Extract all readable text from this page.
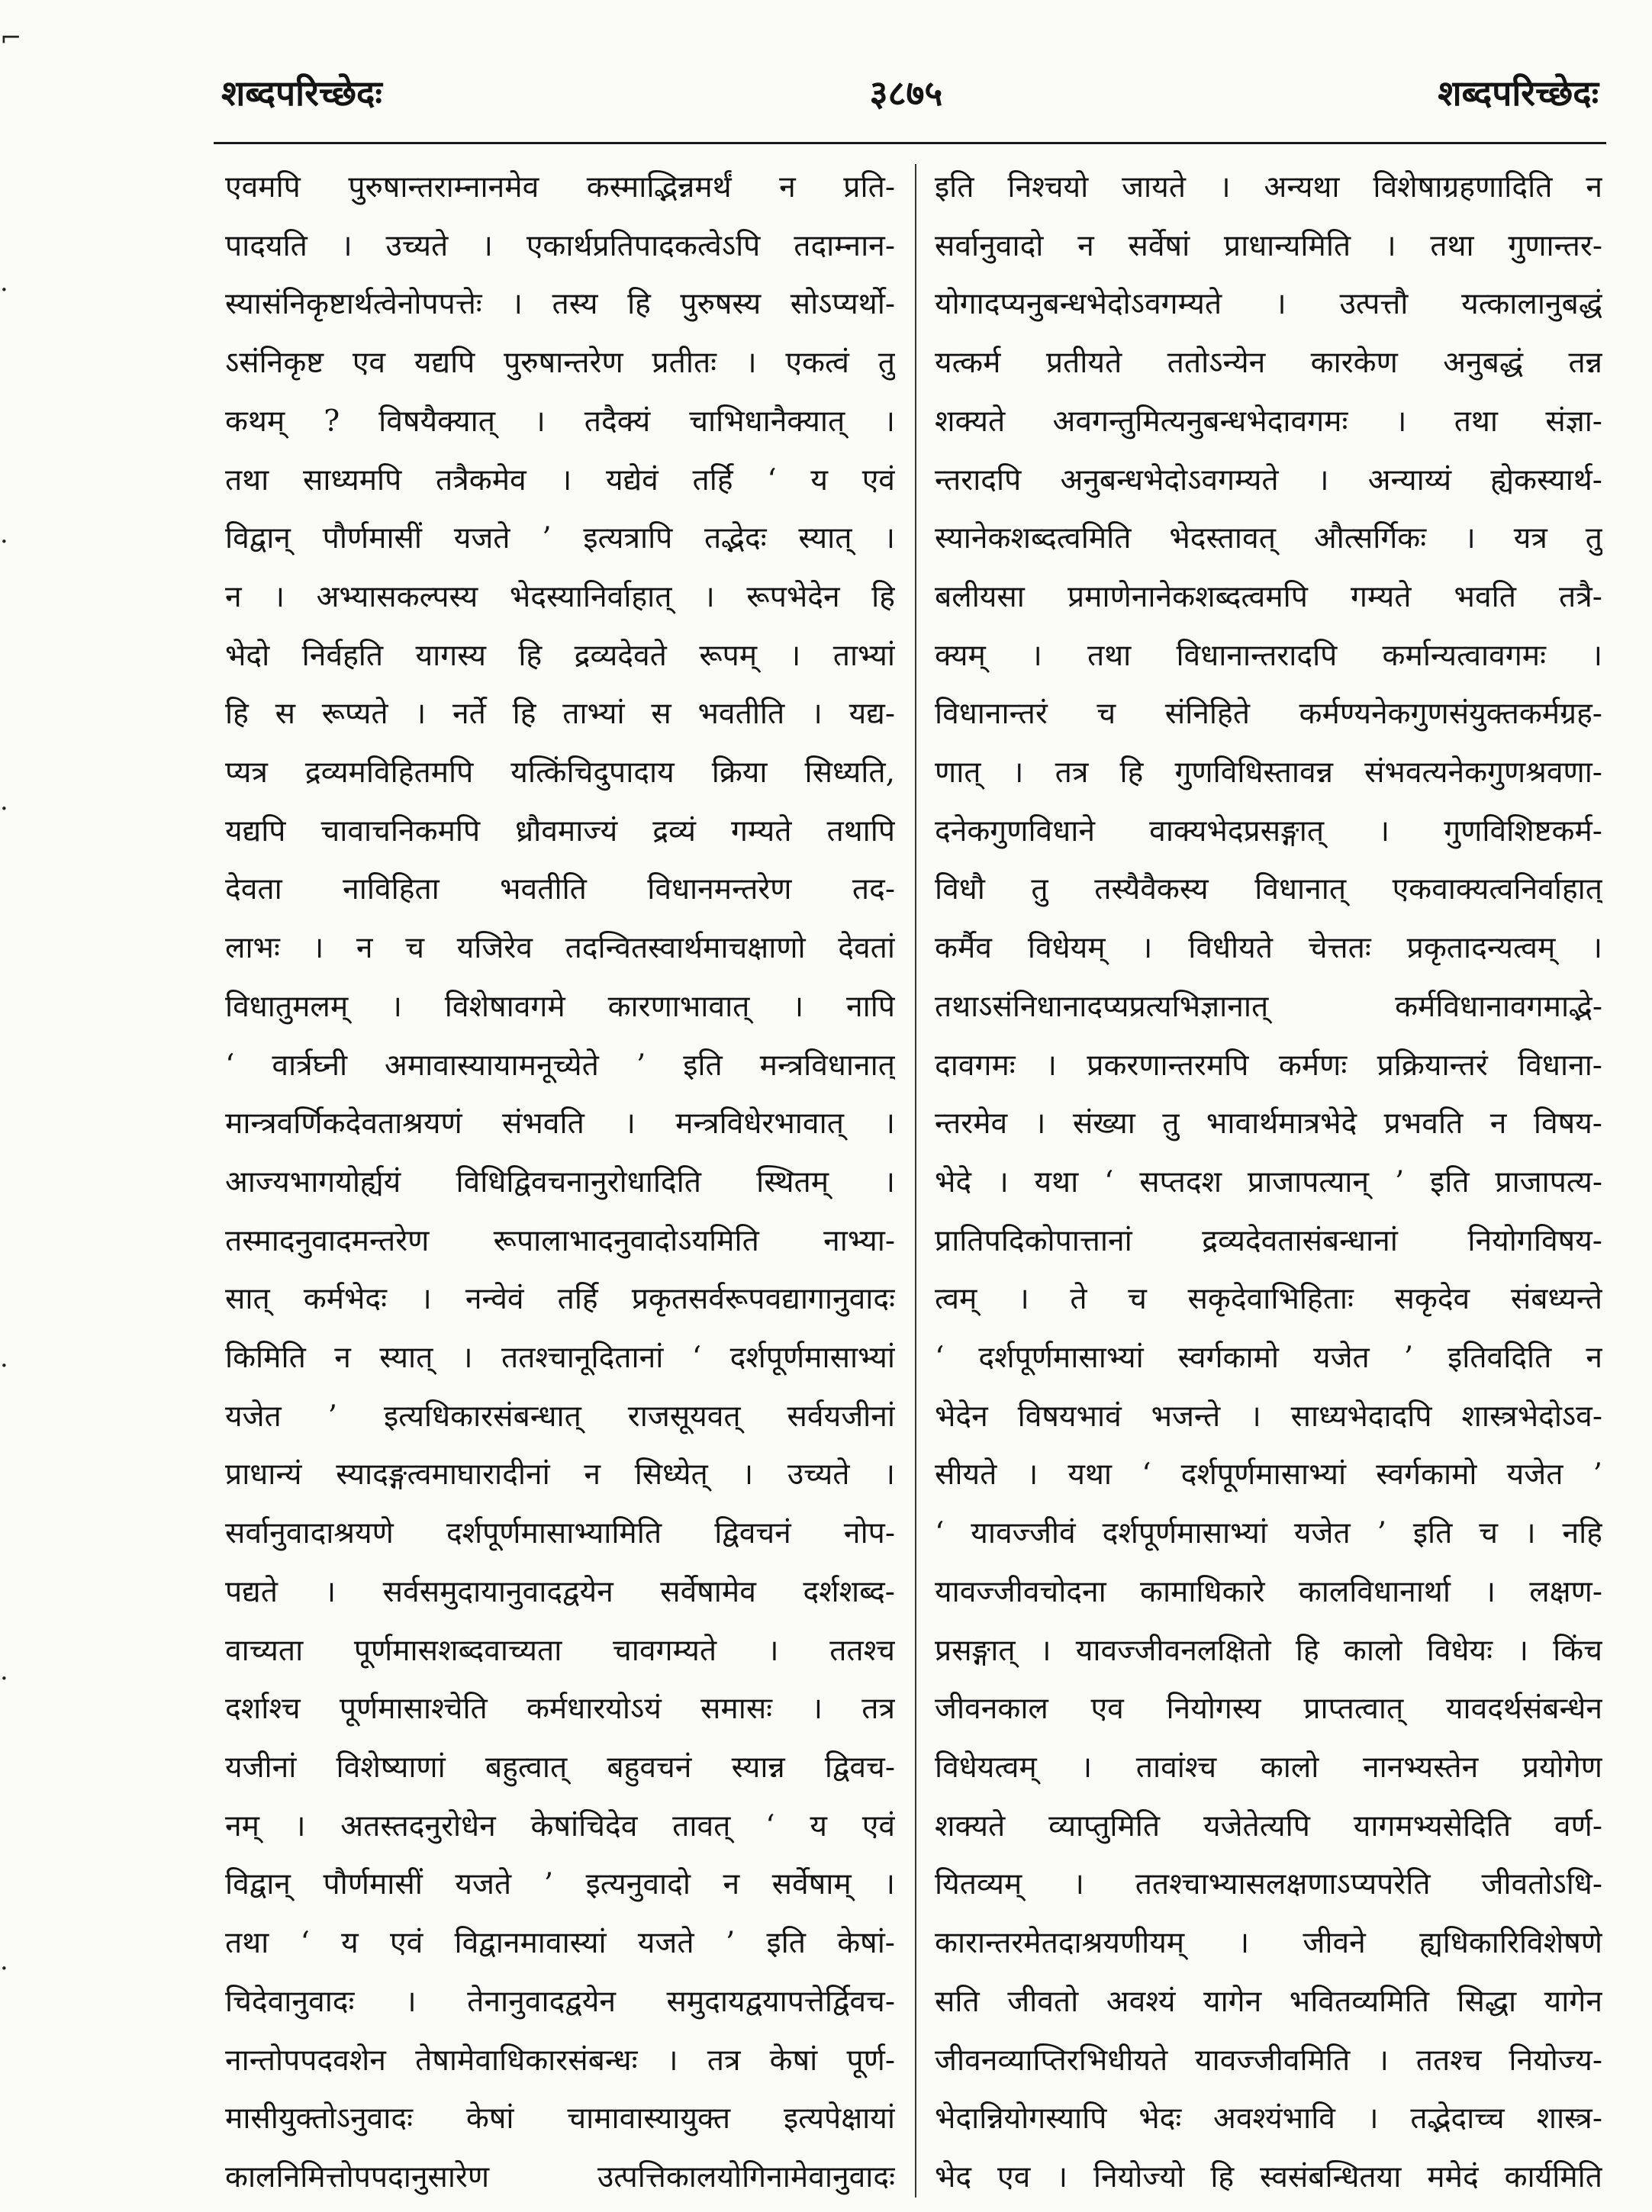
⌐
·
·
·
·
·
·
शब्दपरिच्छेदः	३८७५	शब्दपरिच्छेदः
एवमपि पुरुषान्तराम्नानमेव कस्माद्भिन्नमर्थं न प्रति-
पादयति । उच्यते । एकार्थप्रतिपादकत्वेऽपि तदाम्नान-
स्यासंनिकृष्टार्थत्वेनोपपत्तेः । तस्य हि पुरुषस्य सोऽप्यर्थो-
ऽसंनिकृष्ट एव यद्यपि पुरुषान्तरेण प्रतीतः । एकत्वं तु
कथम् ? विषयैक्यात् । तदैक्यं चाभिधानैक्यात् ।
तथा साध्यमपि तत्रैकमेव । यद्येवं तर्हि ‘ य एवं
विद्वान् पौर्णमासीं यजते ’ इत्यत्रापि तद्भेदः स्यात् ।
न । अभ्यासकल्पस्य भेदस्यानिर्वाहात् । रूपभेदेन हि
भेदो निर्वहति यागस्य हि द्रव्यदेवते रूपम् । ताभ्यां
हि स रूप्यते । नर्ते हि ताभ्यां स भवतीति । यद्य-
प्यत्र द्रव्यमविहितमपि यत्किंचिदुपादाय क्रिया सिध्यति,
यद्यपि चावाचनिकमपि ध्रौवमाज्यं द्रव्यं गम्यते तथापि
देवता नाविहिता भवतीति विधानमन्तरेण तद-
लाभः । न च यजिरेव तदन्वितस्वार्थमाचक्षाणो देवतां
विधातुमलम् । विशेषावगमे कारणाभावात् । नापि
‘ वार्त्रघ्नी अमावास्यायामनूच्येते ’ इति मन्त्रविधानात्
मान्त्रवर्णिकदेवताश्रयणं संभवति । मन्त्रविधेरभावात् ।
आज्यभागयोर्ह्ययं विधिद्विवचनानुरोधादिति स्थितम् ।
तस्मादनुवादमन्तरेण रूपालाभादनुवादोऽयमिति नाभ्या-
सात् कर्मभेदः । नन्वेवं तर्हि प्रकृतसर्वरूपवद्यागानुवादः
किमिति न स्यात् । ततश्चानूदितानां ‘ दर्शपूर्णमासाभ्यां
यजेत ’ इत्यधिकारसंबन्धात् राजसूयवत् सर्वयजीनां
प्राधान्यं स्यादङ्गत्वमाघारादीनां न सिध्येत् । उच्यते ।
सर्वानुवादाश्रयणे दर्शपूर्णमासाभ्यामिति द्विवचनं नोप-
पद्यते । सर्वसमुदायानुवादद्वयेन सर्वेषामेव दर्शशब्द-
वाच्यता पूर्णमासशब्दवाच्यता चावगम्यते । ततश्च
दर्शाश्च पूर्णमासाश्चेति कर्मधारयोऽयं समासः । तत्र
यजीनां विशेष्याणां बहुत्वात् बहुवचनं स्यान्न द्विवच-
नम् । अतस्तदनुरोधेन केषांचिदेव तावत् ‘ य एवं
विद्वान् पौर्णमासीं यजते ’ इत्यनुवादो न सर्वेषाम् ।
तथा ‘ य एवं विद्वानमावास्यां यजते ’ इति केषां-
चिदेवानुवादः । तेनानुवादद्वयेन समुदायद्वयापत्तेर्द्विवच-
नान्तोपपदवशेन तेषामेवाधिकारसंबन्धः । तत्र केषां पूर्ण-
मासीयुक्तोऽनुवादः केषां चामावास्यायुक्त इत्यपेक्षायां
कालनिमित्तोपपदानुसारेण उत्पत्तिकालयोगिनामेवानुवादः
इति निश्चयो जायते । अन्यथा विशेषाग्रहणादिति न
सर्वानुवादो न सर्वेषां प्राधान्यमिति । तथा गुणान्तर-
योगादप्यनुबन्धभेदोऽवगम्यते । उत्पत्तौ यत्कालानुबद्धं
यत्कर्म प्रतीयते ततोऽन्येन कारकेण अनुबद्धं तन्न
शक्यते अवगन्तुमित्यनुबन्धभेदावगमः । तथा संज्ञा-
न्तरादपि अनुबन्धभेदोऽवगम्यते । अन्याय्यं ह्येकस्यार्थ-
स्यानेकशब्दत्वमिति भेदस्तावत् औत्सर्गिकः । यत्र तु
बलीयसा प्रमाणेनानेकशब्दत्वमपि गम्यते भवति तत्रै-
क्यम् । तथा विधानान्तरादपि कर्मान्यत्वावगमः ।
विधानान्तरं च संनिहिते कर्मण्यनेकगुणसंयुक्तकर्मग्रह-
णात् । तत्र हि गुणविधिस्तावन्न संभवत्यनेकगुणश्रवणा-
दनेकगुणविधाने वाक्यभेदप्रसङ्गात् । गुणविशिष्टकर्म-
विधौ तु तस्यैवैकस्य विधानात् एकवाक्यत्वनिर्वाहात्
कर्मैव विधेयम् । विधीयते चेत्ततः प्रकृतादन्यत्वम् ।
तथाऽसंनिधानादप्यप्रत्यभिज्ञानात् कर्मविधानावगमाद्भे-
दावगमः । प्रकरणान्तरमपि कर्मणः प्रक्रियान्तरं विधाना-
न्तरमेव । संख्या तु भावार्थमात्रभेदे प्रभवति न विषय-
भेदे । यथा ‘ सप्तदश प्राजापत्यान् ’ इति प्राजापत्य-
प्रातिपदिकोपात्तानां द्रव्यदेवतासंबन्धानां नियोगविषय-
त्वम् । ते च सकृदेवाभिहिताः सकृदेव संबध्यन्ते
‘ दर्शपूर्णमासाभ्यां स्वर्गकामो यजेत ’ इतिवदिति न
भेदेन विषयभावं भजन्ते । साध्यभेदादपि शास्त्रभेदोऽव-
सीयते । यथा ‘ दर्शपूर्णमासाभ्यां स्वर्गकामो यजेत ’
‘ यावज्जीवं दर्शपूर्णमासाभ्यां यजेत ’ इति च । नहि
यावज्जीवचोदना कामाधिकारे कालविधानार्था । लक्षण-
प्रसङ्गात् । यावज्जीवनलक्षितो हि कालो विधेयः । किंच
जीवनकाल एव नियोगस्य प्राप्तत्वात् यावदर्थसंबन्धेन
विधेयत्वम् । तावांश्च कालो नानभ्यस्तेन प्रयोगेण
शक्यते व्याप्तुमिति यजेतेत्यपि यागमभ्यसेदिति वर्ण-
यितव्यम् । ततश्चाभ्यासलक्षणाऽप्यपरेति जीवतोऽधि-
कारान्तरमेतदाश्रयणीयम् । जीवने ह्यधिकारिविशेषणे
सति जीवतो अवश्यं यागेन भवितव्यमिति सिद्धा यागेन
जीवनव्याप्तिरभिधीयते यावज्जीवमिति । ततश्च नियोज्य-
भेदान्नियोगस्यापि भेदः अवश्यंभावि । तद्भेदाच्च शास्त्र-
भेद एव । नियोज्यो हि स्वसंबन्धितया ममेदं कार्यमिति
